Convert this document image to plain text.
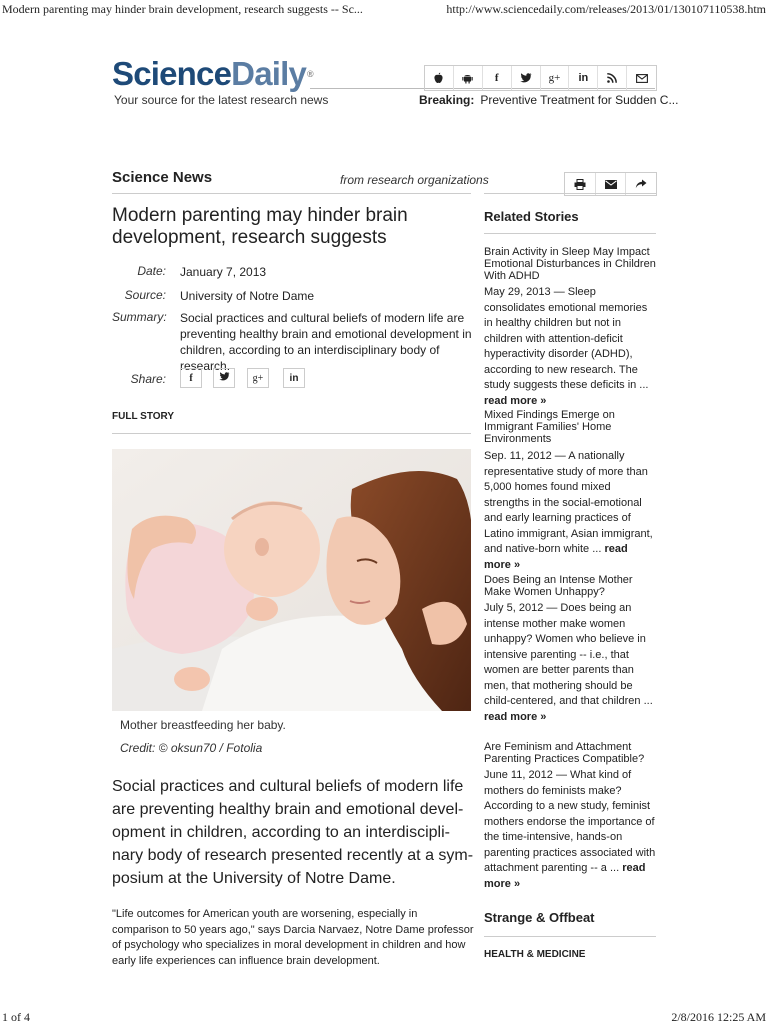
Modern parenting may hinder brain development, research suggests -- Sc...	http://www.sciencedaily.com/releases/2013/01/130107110538.htm
ScienceDaily®
Your source for the latest research news
f	g+	in
Breaking: Preventive Treatment for Sudden C...
Science News	from research organizations
Modern parenting may hinder brain development, research suggests
Date: January 7, 2013
Source: University of Notre Dame
Summary: Social practices and cultural beliefs of modern life are preventing healthy brain and emotional development in children, according to an interdisciplinary body of research.
Share: f	g+	in
FULL STORY
Mother breastfeeding her baby.
Credit: © oksun70 / Fotolia
Social practices and cultural beliefs of modern life are preventing healthy brain and emotional development in children, according to an interdisciplinary body of research presented recently at a symposium at the University of Notre Dame.
"Life outcomes for American youth are worsening, especially in comparison to 50 years ago," says Darcia Narvaez, Notre Dame professor of psychology who specializes in moral development in children and how early life experiences can influence brain development.
Related Stories
Brain Activity in Sleep May Impact Emotional Disturbances in Children With ADHD
May 29, 2013 — Sleep consolidates emotional memories in healthy children but not in children with attention-deficit hyperactivity disorder (ADHD), according to new research. The study suggests these deficits in ... read more »
Mixed Findings Emerge on Immigrant Families' Home Environments
Sep. 11, 2012 — A nationally representative study of more than 5,000 homes found mixed strengths in the social-emotional and early learning practices of Latino immigrant, Asian immigrant, and native-born white ... read more »
Does Being an Intense Mother Make Women Unhappy?
July 5, 2012 — Does being an intense mother make women unhappy? Women who believe in intensive parenting -- i.e., that women are better parents than men, that mothering should be child-centered, and that children ... read more »
Are Feminism and Attachment Parenting Practices Compatible?
June 11, 2012 — What kind of mothers do feminists make? According to a new study, feminist mothers endorse the importance of the time-intensive, hands-on parenting practices associated with attachment parenting -- a ... read more »
Strange & Offbeat
HEALTH & MEDICINE
1 of 4	2/8/2016 12:25 AM
